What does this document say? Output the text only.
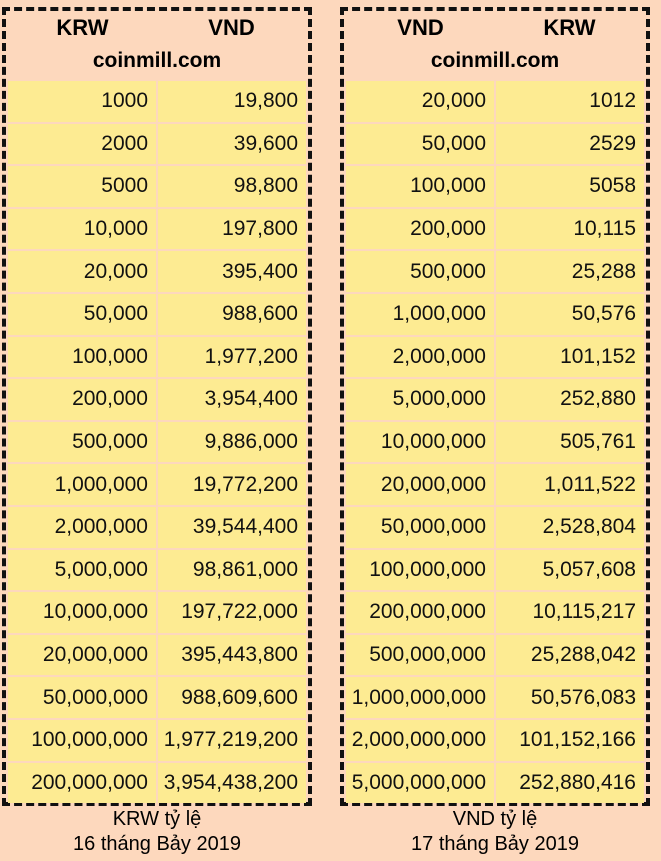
KRW	VND
coinmill.com
1000	19,800
2000	39,600
5000	98,800
10,000	197,800
20,000	395,400
50,000	988,600
100,000	1,977,200
200,000	3,954,400
500,000	9,886,000
1,000,000	19,772,200
2,000,000	39,544,400
5,000,000	98,861,000
10,000,000	197,722,000
20,000,000	395,443,800
50,000,000	988,609,600
100,000,000 1,977,219,200
200,000,000 3,954,438,200
VND	KRW
coinmill.com
20,000	1012
50,000	2529
100,000	5058
200,000	10,115
500,000	25,288
1,000,000	50,576
2,000,000	101,152
5,000,000	252,880
10,000,000	505,761
20,000,000	1,011,522
50,000,000	2,528,804
100,000,000	5,057,608
200,000,000	10,115,217
500,000,000	25,288,042
1,000,000,000	50,576,083
2,000,000,000	101,152,166
5,000,000,000	252,880,416
KRW tỷ lệ
16 tháng Bảy 2019
VND tỷ lệ
17 tháng Bảy 2019
